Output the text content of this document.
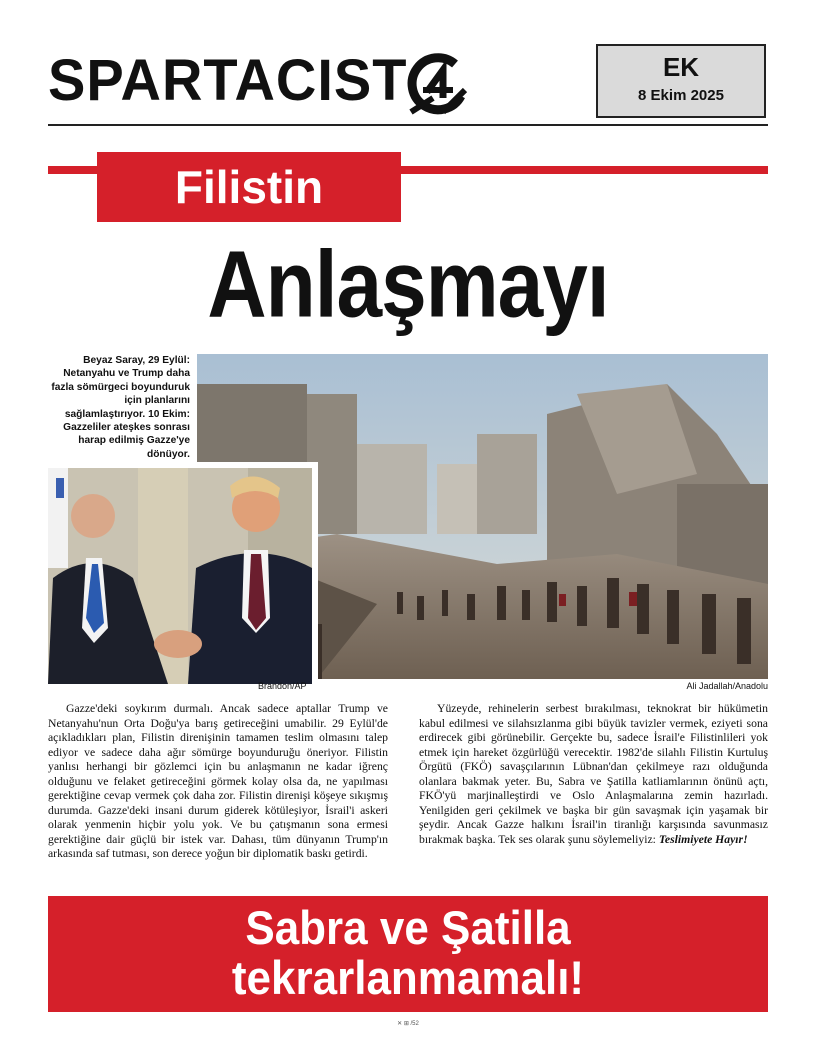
SPARTACIST	EK
8 Ekim 2025
Filistin
Anlaşmayı
Beyaz Saray, 29 Eylül: Netanyahu ve Trump daha fazla sömürgeci boyunduruk için planlarını sağlamlaştırıyor. 10 Ekim: Gazzeliler ateşkes sonrası harap edilmiş Gazze'ye dönüyor.
Brandon/AP	Ali Jadallah/Anadolu

Gazze'deki soykırım durmalı. Ancak sadece aptallar Trump ve Netanyahu'nun Orta Doğu'ya barış getireceğini umabilir. 29 Eylül'de açıkladıkları plan, Filistin direnişinin tamamen teslim olmasını talep ediyor ve sadece daha ağır sömürge boyunduruğu öneriyor. Filistin yanlısı herhangi bir gözlemci için bu anlaşmanın ne kadar iğrenç olduğunu ve felaket getireceğini görmek kolay olsa da, ne yapılması gerektiğine cevap vermek çok daha zor. Filistin direnişi köşeye sıkışmış durumda. Gazze'deki insani durum giderek kötüleşiyor, İsrail'i askeri olarak yenmenin hiçbir yolu yok. Ve bu çatışmanın sona ermesi gerektiğine dair güçlü bir istek var. Dahası, tüm dünyanın Trump'ın arkasında saf tutması, son derece yoğun bir diplomatik baskı getirdi.

Yüzeyde, rehinelerin serbest bırakılması, teknokrat bir hükümetin kabul edilmesi ve silahsızlanma gibi büyük tavizler vermek, eziyeti sona erdirecek gibi görünebilir. Gerçekte bu, sadece İsrail'e Filistinlileri yok etmek için hareket özgürlüğü verecektir. 1982'de silahlı Filistin Kurtuluş Örgütü (FKÖ) savaşçılarının Lübnan'dan çekilmeye razı olduğunda olanlara bakmak yeter. Bu, Sabra ve Şatilla katliamlarının önünü açtı, FKÖ'yü marjinalleştirdi ve Oslo Anlaşmalarına zemin hazırladı. Yenilgiden geri çekilmek ve başka bir gün savaşmak için yaşamak bir şeydir. Ancak Gazze halkını İsrail'in tiranlığı karşısında savunmasız bırakmak başka. Tek ses olarak şunu söylemeliyiz: Teslimiyete Hayır!

Sabra ve Şatilla
tekrarlanmamalı!
✕ ⊞ /52
